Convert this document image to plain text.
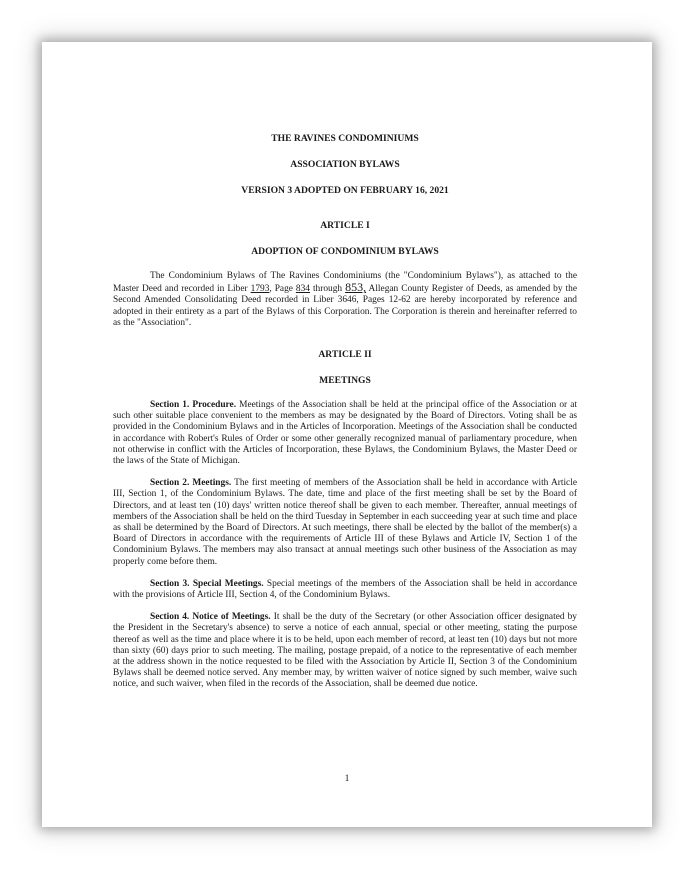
THE RAVINES CONDOMINIUMS
ASSOCIATION BYLAWS
VERSION 3 ADOPTED ON FEBRUARY 16, 2021
ARTICLE I
ADOPTION OF CONDOMINIUM BYLAWS

The Condominium Bylaws of The Ravines Condominiums (the "Condominium Bylaws"), as attached to the Master Deed and recorded in Liber 1793, Page 834 through 853, Allegan County Register of Deeds, as amended by the Second Amended Consolidating Deed recorded in Liber 3646, Pages 12-62 are hereby incorporated by reference and adopted in their entirety as a part of the Bylaws of this Corporation. The Corporation is therein and hereinafter referred to as the "Association".

ARTICLE II
MEETINGS

Section 1. Procedure. Meetings of the Association shall be held at the principal office of the Association or at such other suitable place convenient to the members as may be designated by the Board of Directors. Voting shall be as provided in the Condominium Bylaws and in the Articles of Incorporation. Meetings of the Association shall be conducted in accordance with Robert's Rules of Order or some other generally recognized manual of parliamentary procedure, when not otherwise in conflict with the Articles of Incorporation, these Bylaws, the Condominium Bylaws, the Master Deed or the laws of the State of Michigan.

Section 2. Meetings. The first meeting of members of the Association shall be held in accordance with Article III, Section 1, of the Condominium Bylaws. The date, time and place of the first meeting shall be set by the Board of Directors, and at least ten (10) days' written notice thereof shall be given to each member. Thereafter, annual meetings of members of the Association shall be held on the third Tuesday in September in each succeeding year at such time and place as shall be determined by the Board of Directors. At such meetings, there shall be elected by the ballot of the member(s) a Board of Directors in accordance with the requirements of Article III of these Bylaws and Article IV, Section 1 of the Condominium Bylaws. The members may also transact at annual meetings such other business of the Association as may properly come before them.

Section 3. Special Meetings. Special meetings of the members of the Association shall be held in accordance with the provisions of Article III, Section 4, of the Condominium Bylaws.

Section 4. Notice of Meetings. It shall be the duty of the Secretary (or other Association officer designated by the President in the Secretary's absence) to serve a notice of each annual, special or other meeting, stating the purpose thereof as well as the time and place where it is to be held, upon each member of record, at least ten (10) days but not more than sixty (60) days prior to such meeting. The mailing, postage prepaid, of a notice to the representative of each member at the address shown in the notice requested to be filed with the Association by Article II, Section 3 of the Condominium Bylaws shall be deemed notice served. Any member may, by written waiver of notice signed by such member, waive such notice, and such waiver, when filed in the records of the Association, shall be deemed due notice.

1
